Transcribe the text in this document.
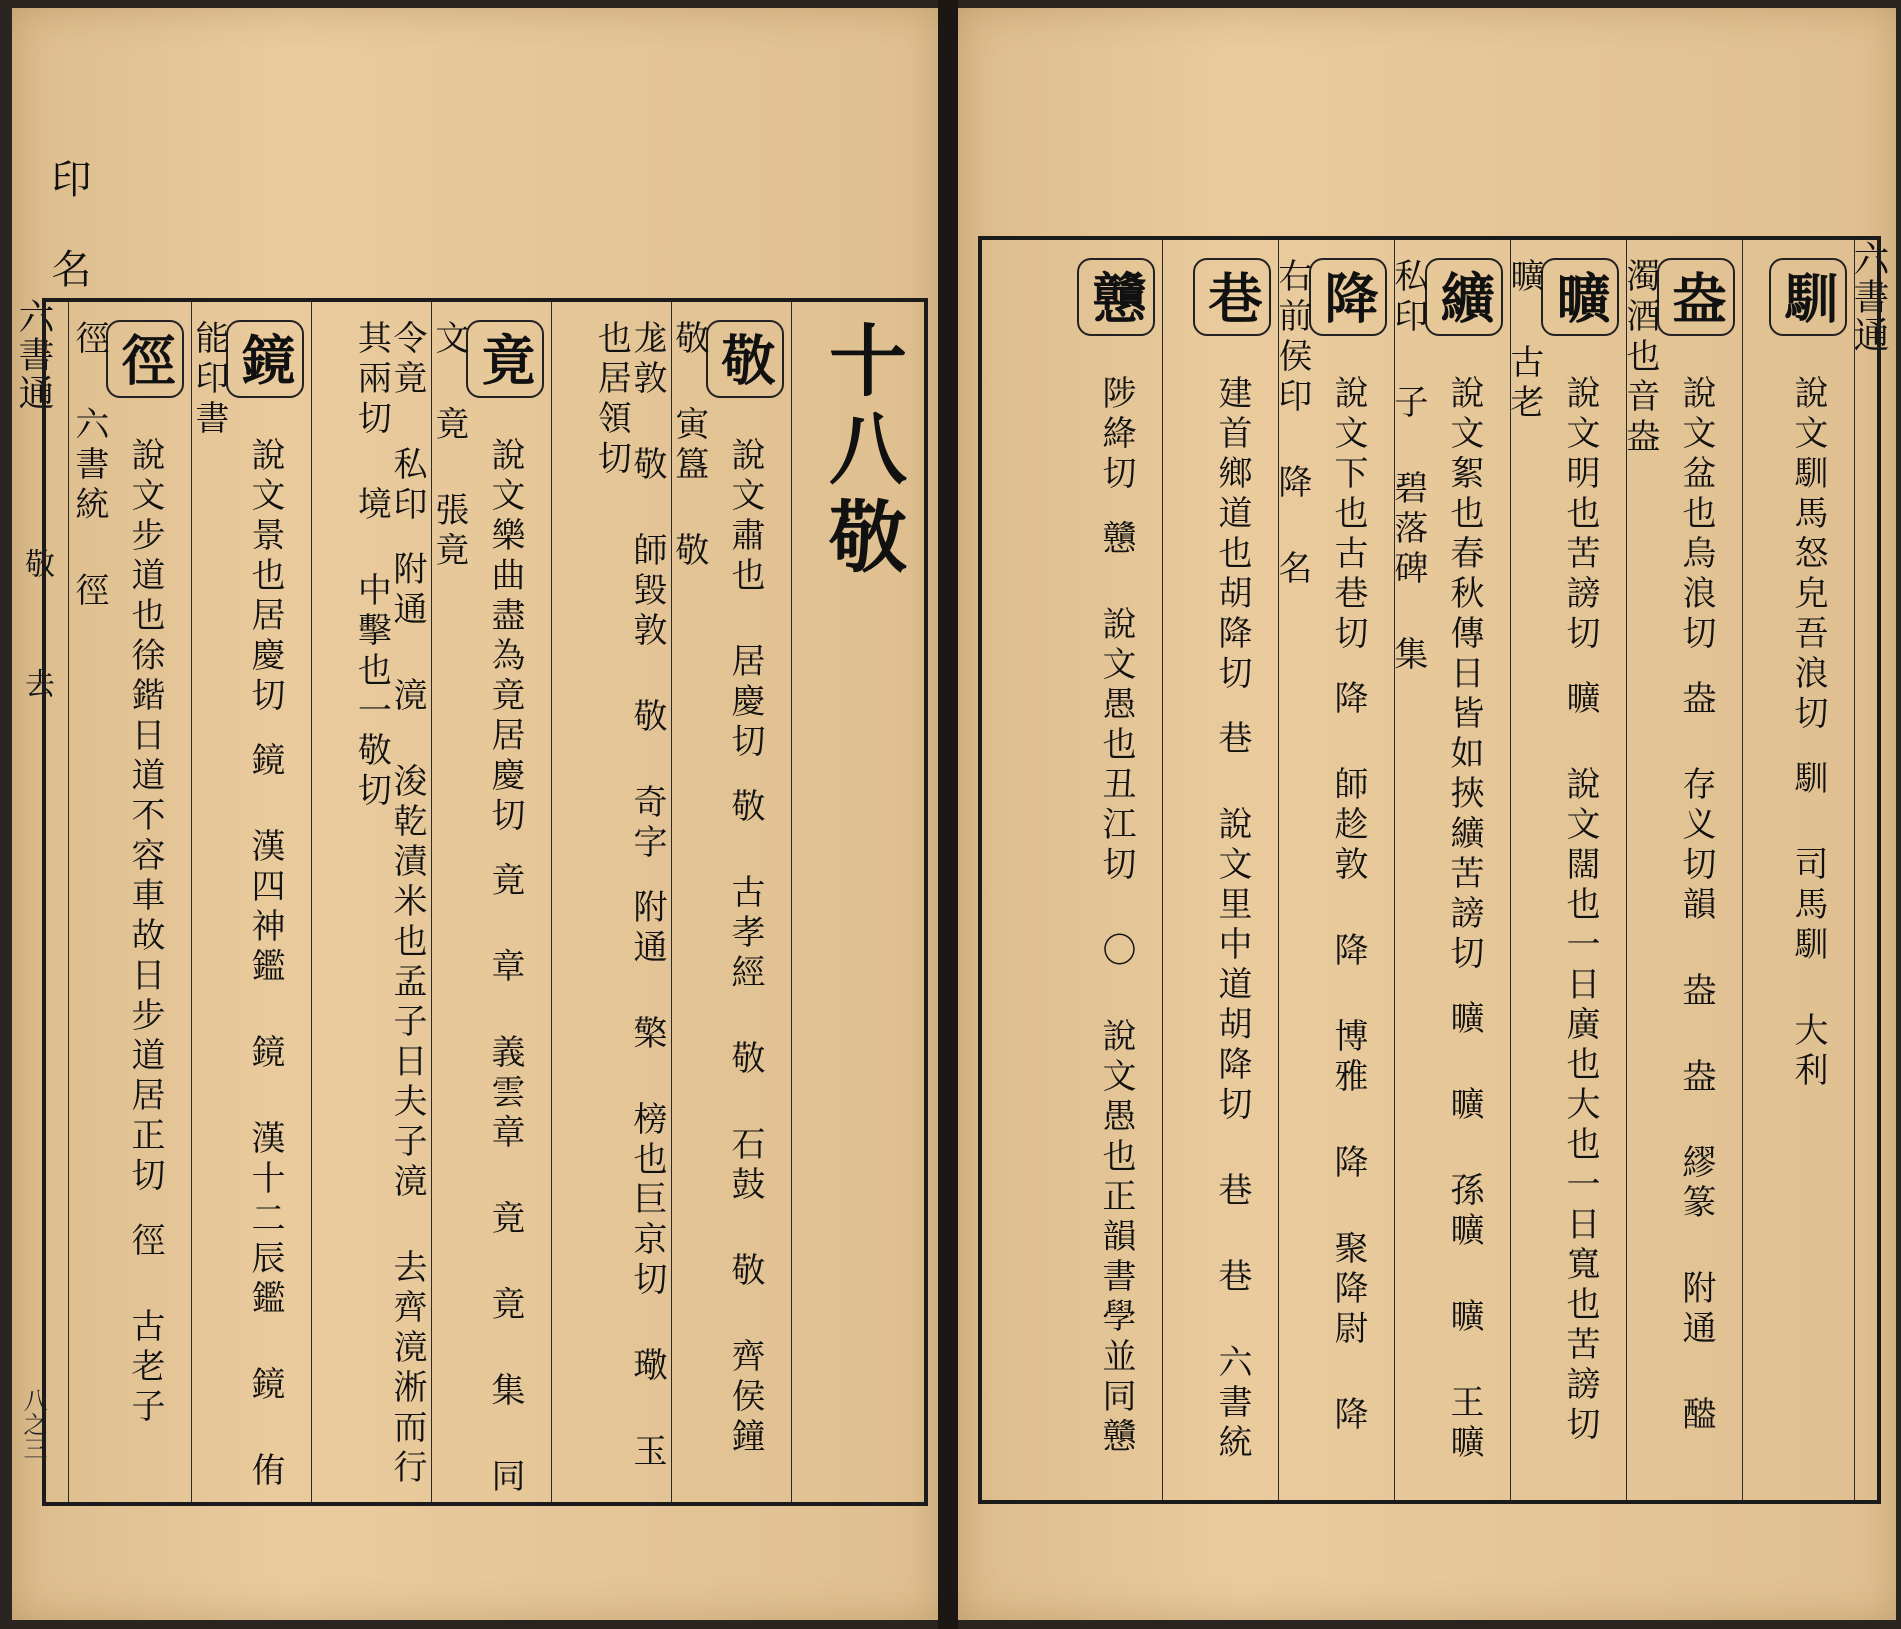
印 名
六書通
敬
去
八之三
十八敬
敬 說文肅也 居慶切 敬 古孝經 敬 石鼓 敬 齊侯鐘 敬 寅簋 敬
尨敦 敬 師毀敦 敬 奇字 附通 檠 榜也巨京切 璥 玉也居領切
竟 說文樂曲盡為竟居慶切 竟 章 義雲章 竟 竟 集 同文 竟 張竟
令竟 私印 附通 滰 浚乾漬米也孟子日夫子滰 去齊滰淅而行其兩切 境 中擊也一敬切
鏡 說文景也居慶切 鏡 漢四神鑑 鏡 漢十二辰鑑 鏡 侑能印書
徑 說文步道也徐鍇日道不容車故日步道居正切 徑 古老子 徑 六書統 徑
六書通
馴 說文馴馬怒皃吾浪切 馴 司馬馴 大利
盎 說文盆也烏浪切 盎 存义切韻 盎 盎 繆篆 附通 醠 濁酒也音盎
曠 說文明也苦謗切 曠 說文闊也一日廣也大也一日寬也苦謗切 曠 古老
纊 說文絮也春秋傳日皆如挾纊苦謗切 曠 曠 孫曠 曠 王曠 私印 子 碧落碑 集
降 說文下也古巷切 降 師趁敦 降 博雅 降 聚降尉 降 右前侯印 降 名
巷 建首鄉道也胡降切 巷 說文里中道胡降切 巷 巷 六書統
戇 陟絳切 戇 說文愚也丑江切 〇 說文愚也正韻書學並同戇
